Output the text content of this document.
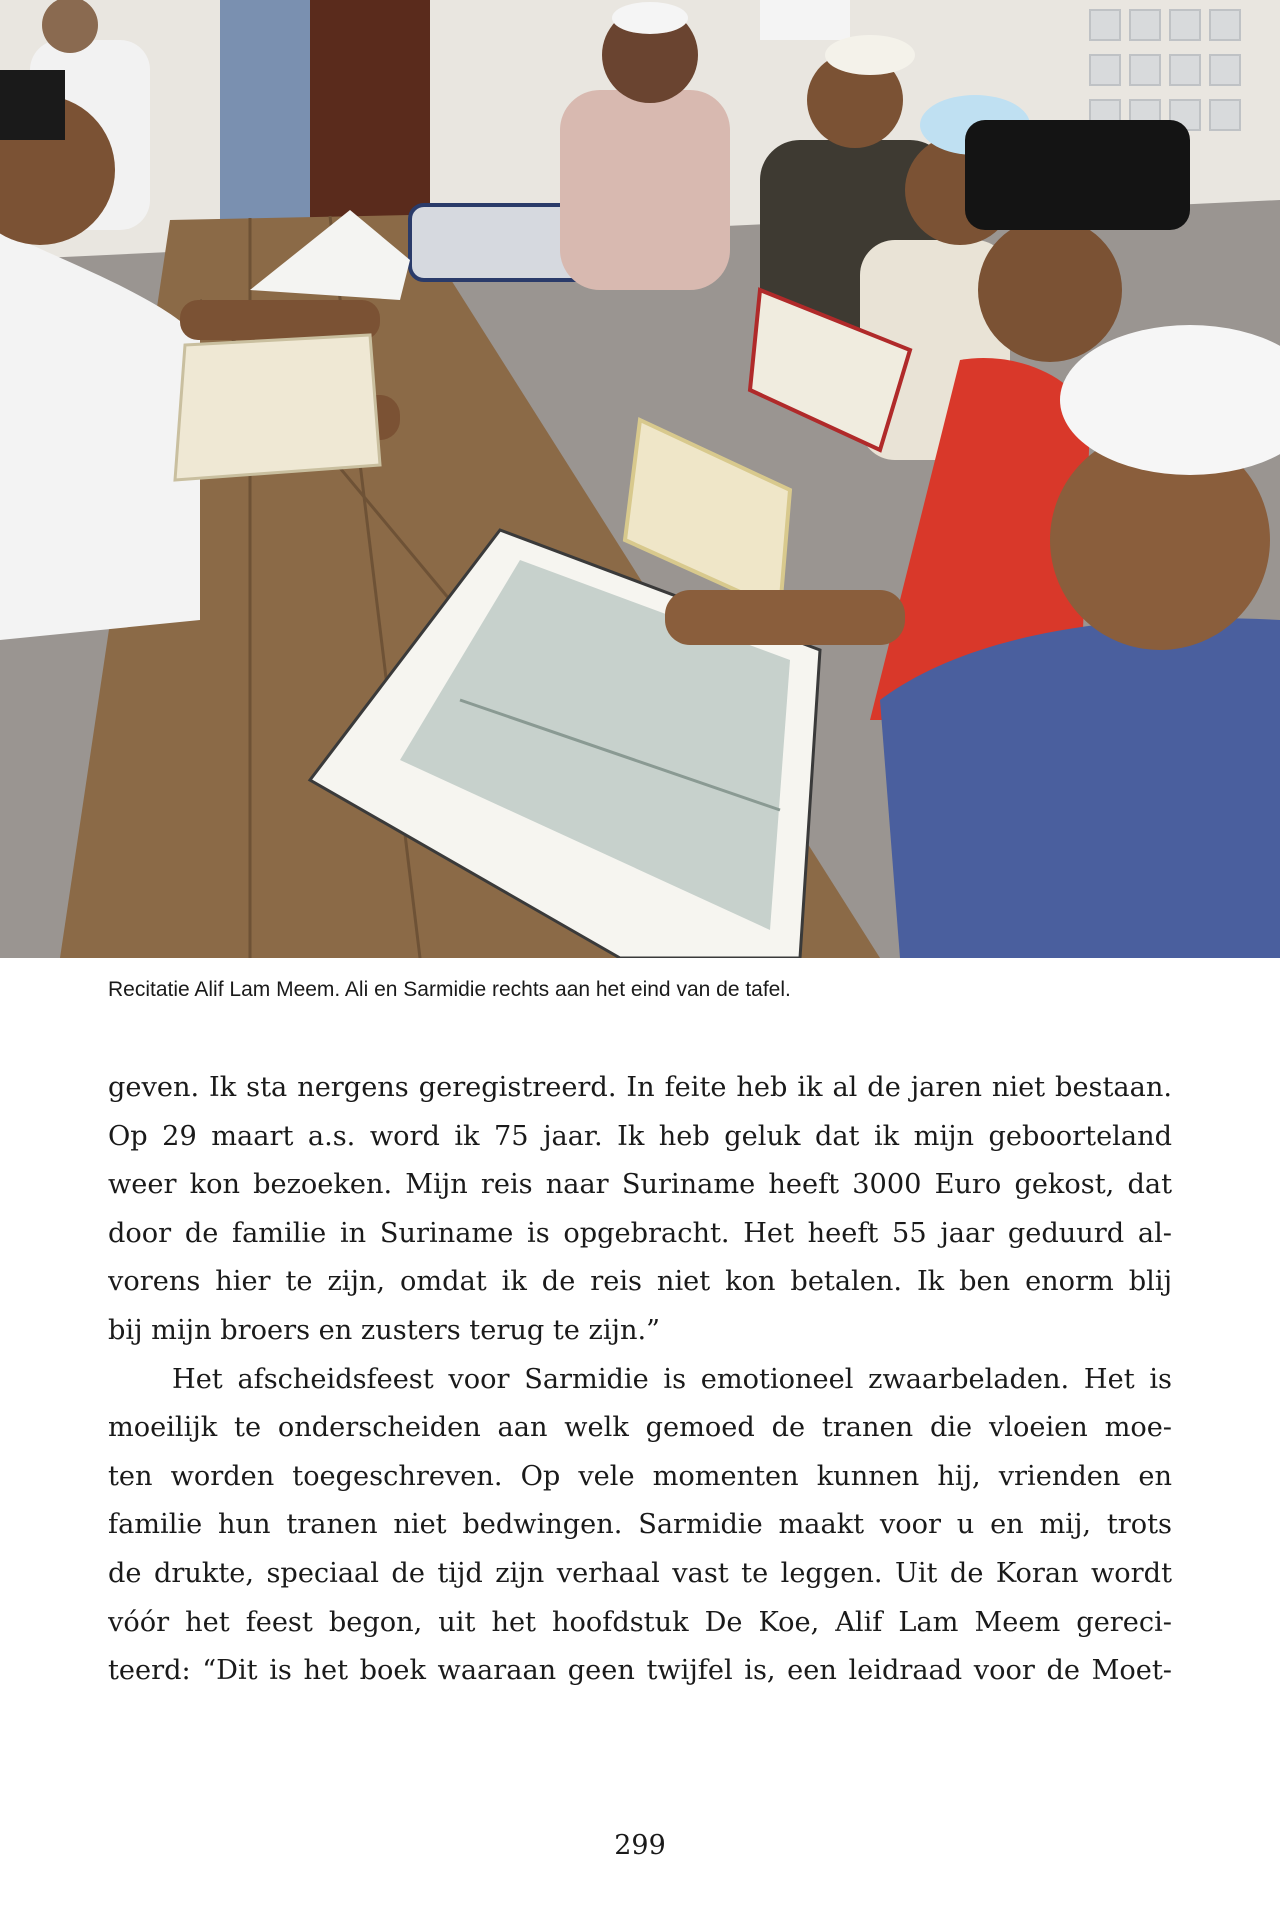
Recitatie Alif Lam Meem. Ali en Sarmidie rechts aan het eind van de tafel.
geven. Ik sta nergens geregistreerd. In feite heb ik al de jaren niet bestaan.
Op 29 maart a.s. word ik 75 jaar. Ik heb geluk dat ik mijn geboorteland
weer kon bezoeken. Mijn reis naar Suriname heeft 3000 Euro gekost, dat
door de familie in Suriname is opgebracht. Het heeft 55 jaar geduurd al-
vorens hier te zijn, omdat ik de reis niet kon betalen. Ik ben enorm blij
bij mijn broers en zusters terug te zijn.”
Het afscheidsfeest voor Sarmidie is emotioneel zwaarbeladen. Het is
moeilijk te onderscheiden aan welk gemoed de tranen die vloeien moe-
ten worden toegeschreven. Op vele momenten kunnen hij, vrienden en
familie hun tranen niet bedwingen. Sarmidie maakt voor u en mij, trots
de drukte, speciaal de tijd zijn verhaal vast te leggen. Uit de Koran wordt
vóór het feest begon, uit het hoofdstuk De Koe, Alif Lam Meem gereci-
teerd: “Dit is het boek waaraan geen twijfel is, een leidraad voor de Moet-
299
